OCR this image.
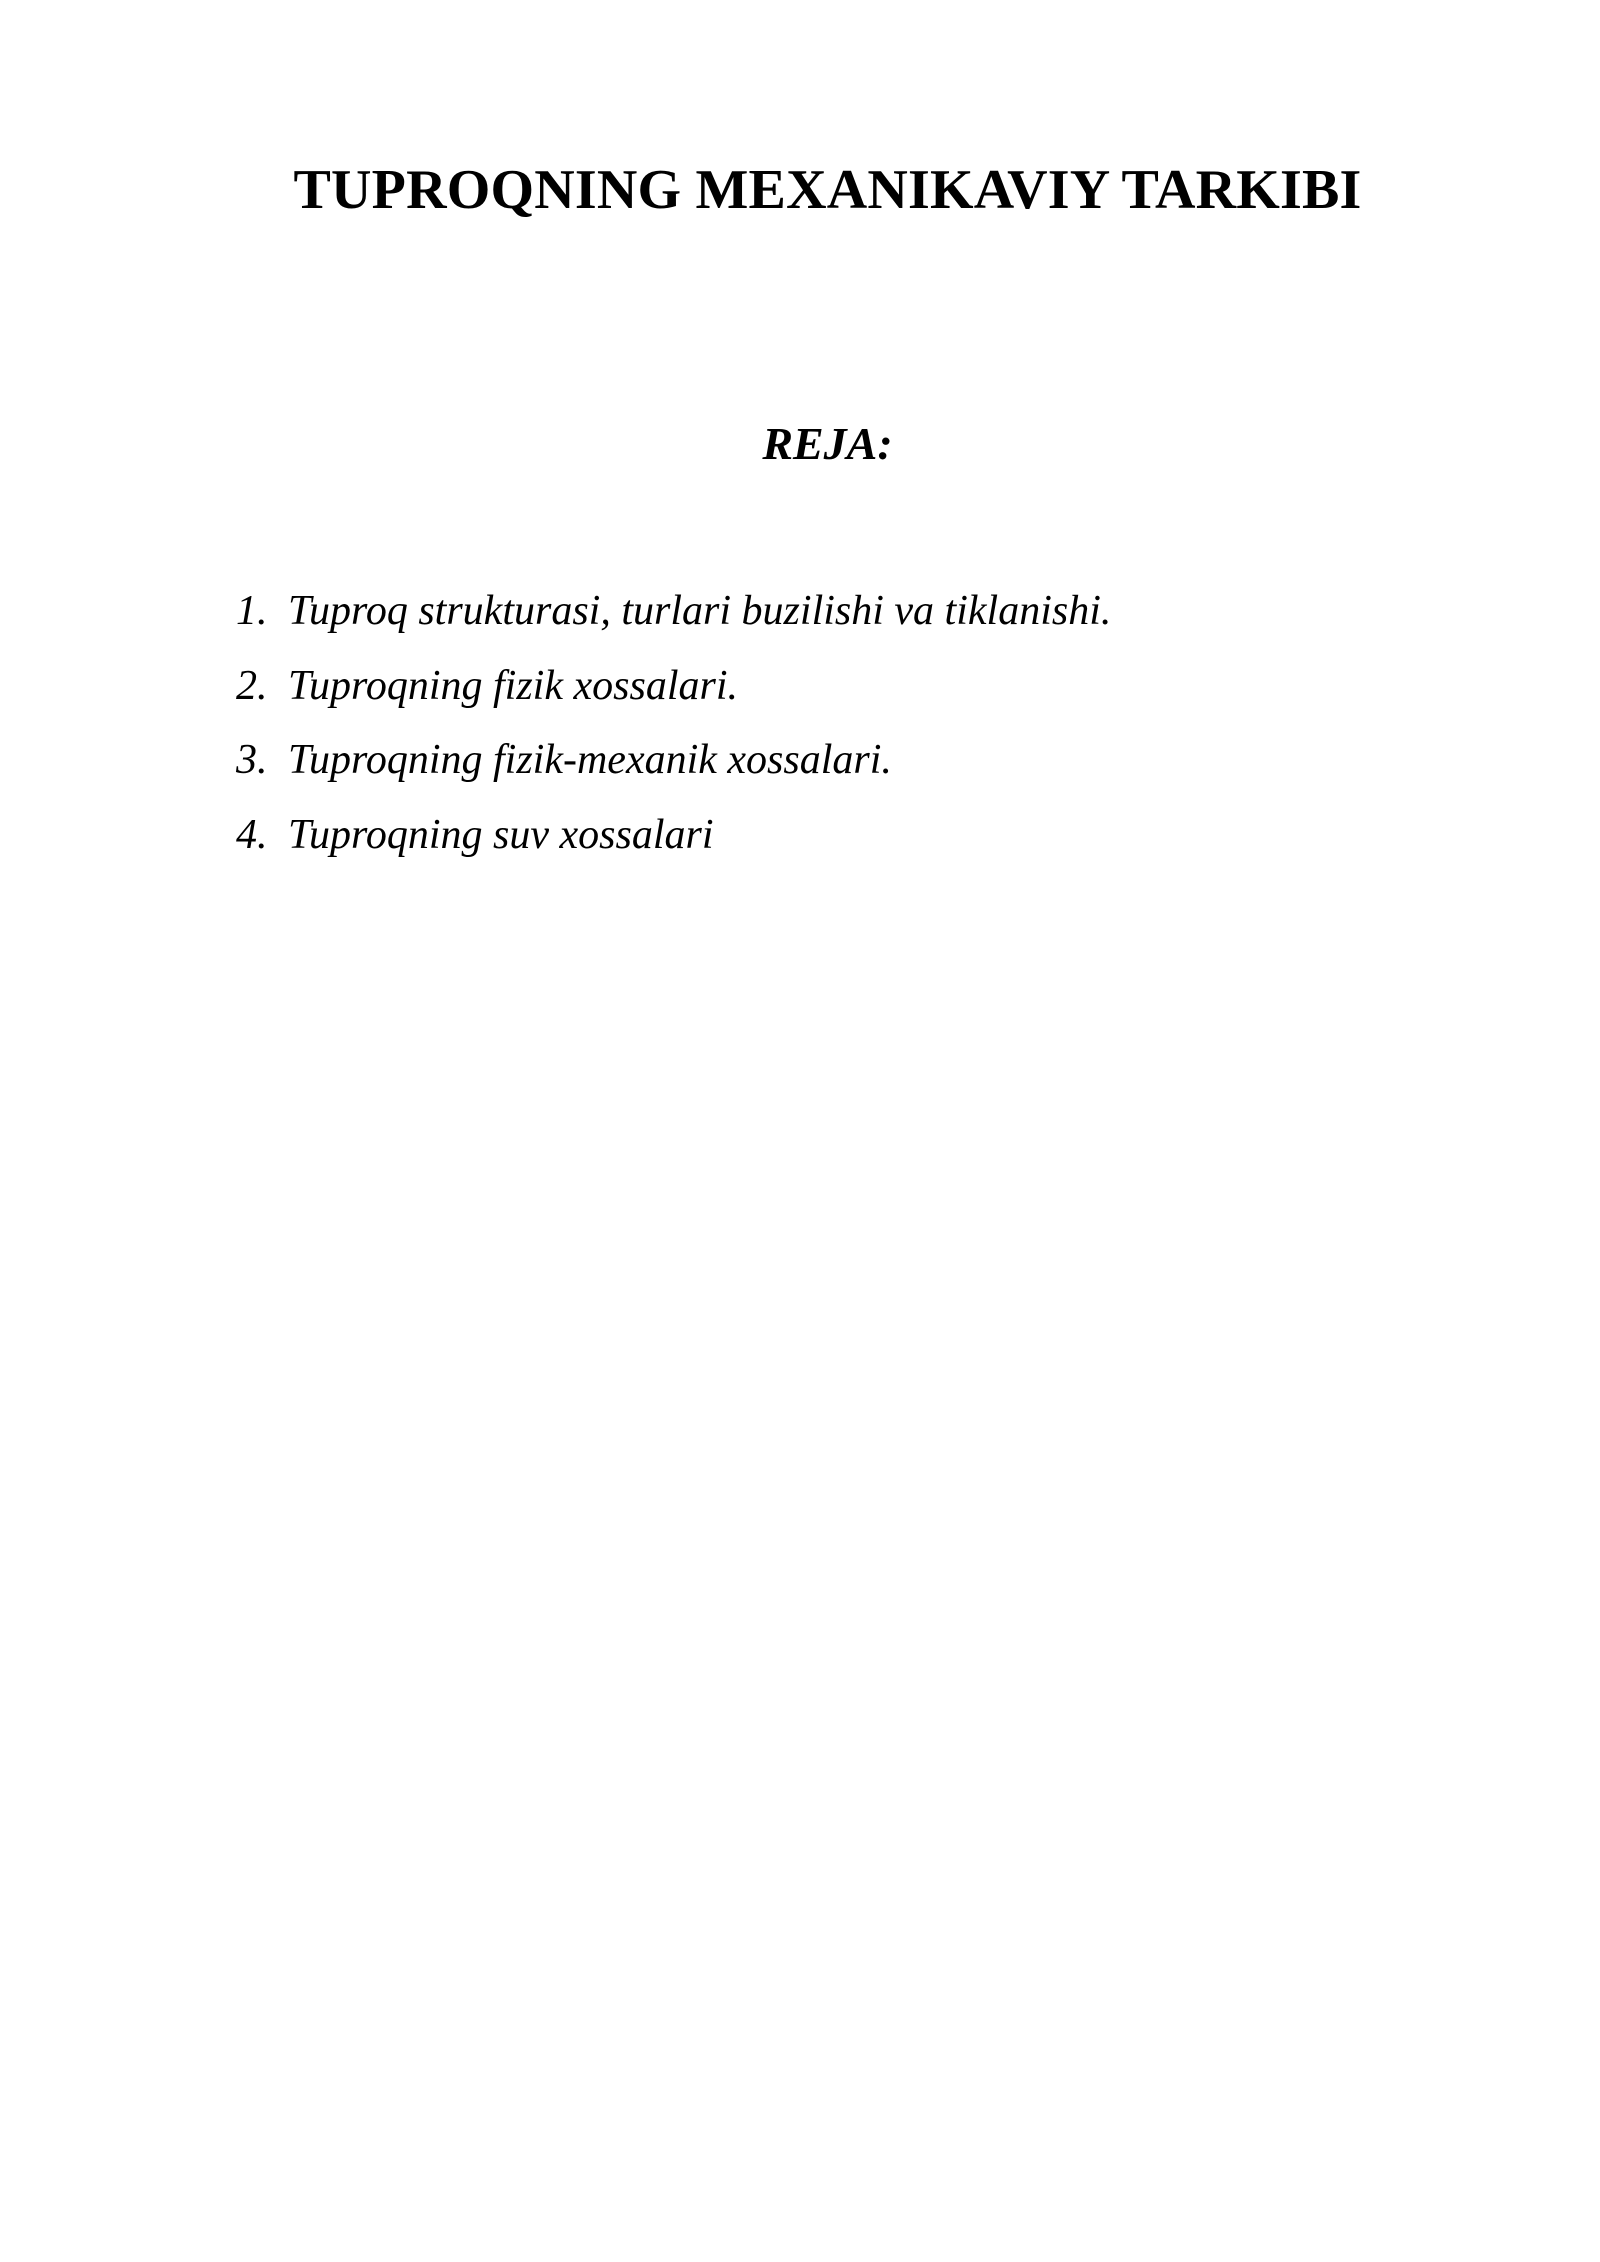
TUPROQNING MEXANIKAVIY TARKIBI
REJA:
1. Tuproq strukturasi, turlari buzilishi va tiklanishi.
2. Tuproqning fizik xossalari.
3. Tuproqning fizik-mexanik xossalari.
4. Tuproqning suv xossalari
